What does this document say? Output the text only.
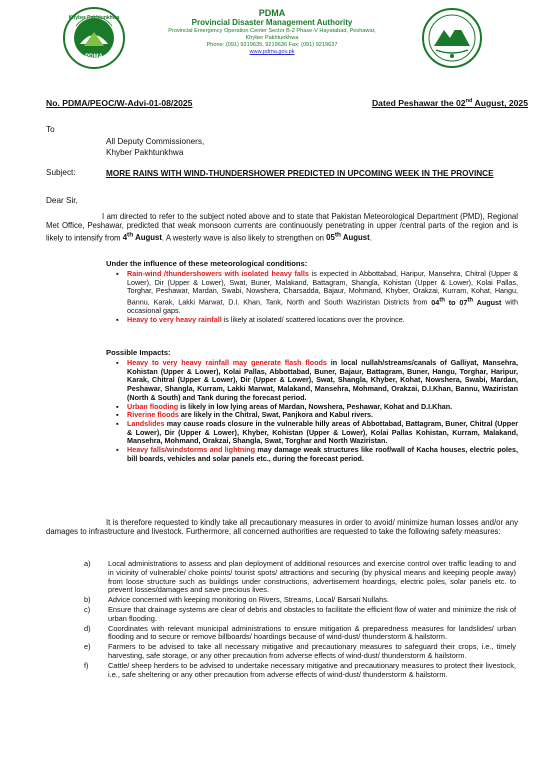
Khyber Pakhtunkhwa
PDMA
PDMA
Provincial Disaster Management Authority
Provincial Emergency Operation Center Sector B-2 Phase-V Hayatabad, Peshawar,
Khyber Pakhtunkhwa
Phone: (091) 9219635, 9219636 Fax: (091) 9219637
www.pdma.gov.pk
No. PDMA/PEOC/W-Advi-01-08/2025	Dated Peshawar the 02nd August, 2025
To
All Deputy Commissioners,
Khyber Pakhtunkhwa
Subject:	MORE RAINS WITH WIND-THUNDERSHOWER PREDICTED IN UPCOMING WEEK IN THE PROVINCE
Dear Sir,
I am directed to refer to the subject noted above and to state that Pakistan Meteorological Department (PMD), Regional Met Office, Peshawar, predicted that weak monsoon currents are continuously penetrating in upper /central parts of the region and is likely to intensify from 4th August. A westerly wave is also likely to strengthen on 05th August.
Under the influence of these meteorological conditions:
▪ Rain-wind /thundershowers with isolated heavy falls is expected in Abbottabad, Haripur, Mansehra, Chitral (Upper & Lower), Dir (Upper & Lower), Swat, Buner, Malakand, Battagram, Shangla, Kohistan (Upper & Lower), Kolai Pallas, Torghar, Peshawar, Mardan, Swabi, Nowshera, Charsadda, Bajaur, Mohmand, Khyber, Orakzai, Kurram, Kohat, Hangu, Bannu, Karak, Lakki Marwat, D.I. Khan, Tank, North and South Waziristan Districts from 04th to 07th August with occasional gaps.
▪ Heavy to very heavy rainfall is likely at isolated/ scattered locations over the province.
Possible Impacts:
▪ Heavy to very heavy rainfall may generate flash floods in local nullah/streams/canals of Galliyat, Mansehra, Kohistan (Upper & Lower), Kolai Pallas, Abbottabad, Buner, Bajaur, Battagram, Buner, Hangu, Torghar, Haripur, Karak, Chitral (Upper & Lower), Dir (Upper & Lower), Swat, Shangla, Khyber, Kohat, Nowshera, Swabi, Mardan, Peshawar, Shangla, Kurram, Lakki Marwat, Malakand, Mansehra, Mohmand, Orakzai, D.I.Khan, Bannu, Waziristan (North & South) and Tank during the forecast period.
▪ Urban flooding is likely in low lying areas of Mardan, Nowshera, Peshawar, Kohat and D.I.Khan.
▪ Riverine floods are likely in the Chitral, Swat, Panjkora and Kabul rivers.
▪ Landslides may cause roads closure in the vulnerable hilly areas of Abbottabad, Battagram, Buner, Chitral (Upper & Lower), Dir (Upper & Lower), Khyber, Kohistan (Upper & Lower), Kolai Pallas Kohistan, Kurram, Malakand, Mansehra, Mohmand, Orakzai, Shangla, Swat, Torghar and North Waziristan.
▪ Heavy falls/windstorms and lightning may damage weak structures like roof/wall of Kacha houses, electric poles, bill boards, vehicles and solar panels etc., during the forecast period.
It is therefore requested to kindly take all precautionary measures in order to avoid/ minimize human losses and/or any damages to infrastructure and livestock. Furthermore, all concerned authorities are requested to take the following safety measures:
a) Local administrations to assess and plan deployment of additional resources and exercise control over traffic leading to and in vicinity of vulnerable/ choke points/ tourist spots/ attractions and securing (by physical means and keeping people away) from loose structure such as buildings under constructions, advertisement hoardings, electric poles, solar panels etc. to prevent losses/damages and save precious lives.
b) Advice concerned with keeping monitoring on Rivers, Streams, Local/ Barsati Nullahs.
c) Ensure that drainage systems are clear of debris and obstacles to facilitate the efficient flow of water and minimize the risk of urban flooding.
d) Coordinates with relevant municipal administrations to ensure mitigation & preparedness measures for landslides/ urban flooding and to secure or remove billboards/ hoardings because of wind-dust/ thunderstorm & hailstorm.
e) Farmers to be advised to take all necessary mitigative and precautionary measures to safeguard their crops, i.e., timely harvesting, safe storage, or any other precaution from adverse effects of wind-dust/ thunderstorm & hailstorm.
f)	Cattle/ sheep herders to be advised to undertake necessary mitigative and precautionary measures to protect their livestock, i.e., safe sheltering or any other precaution from adverse effects of wind-dust/ thunderstorm & hailstorm.
